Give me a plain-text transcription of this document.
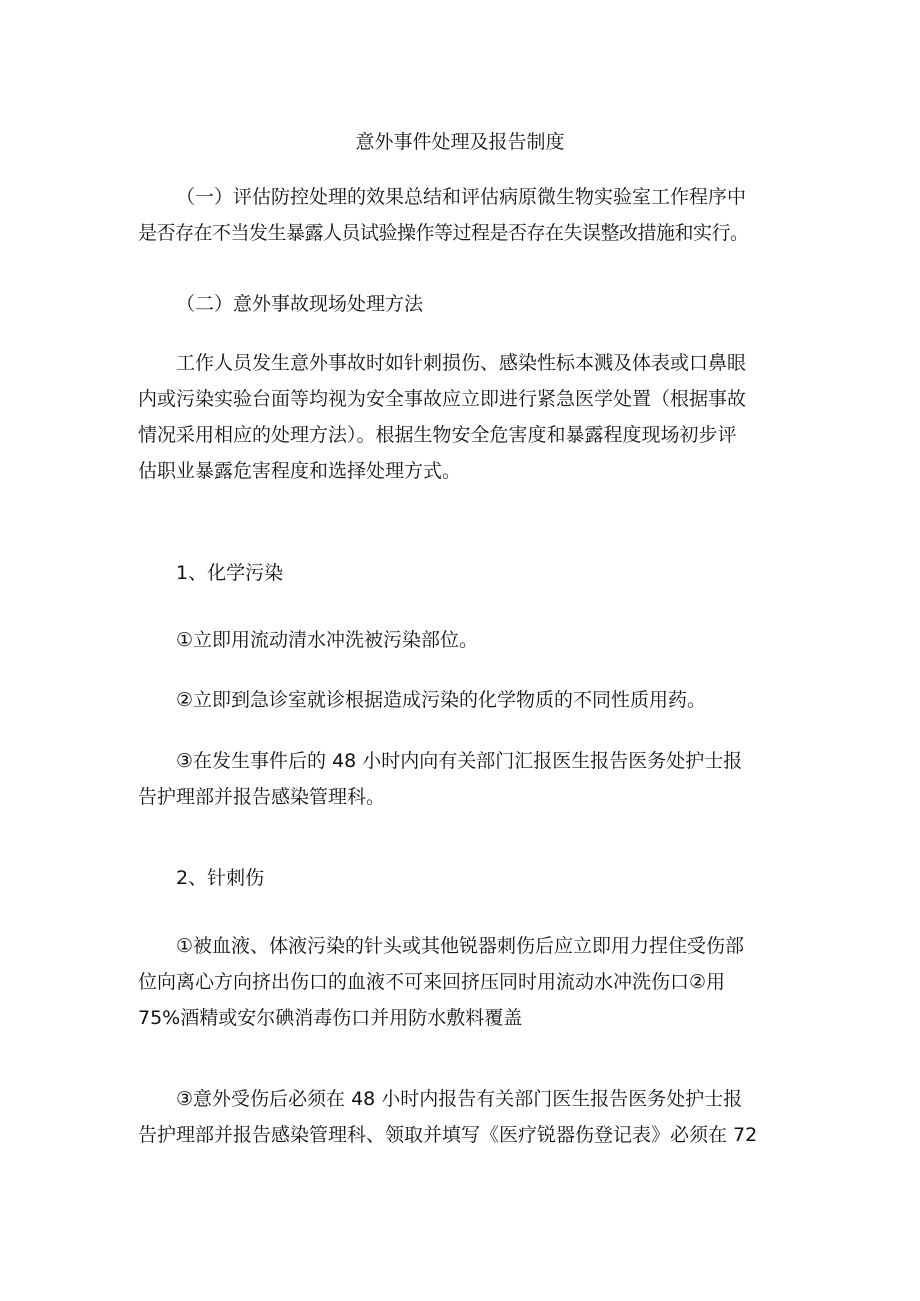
意外事件处理及报告制度
（一）评估防控处理的效果总结和评估病原微生物实验室工作程序中
是否存在不当发生暴露人员试验操作等过程是否存在失误整改措施和实行。
（二）意外事故现场处理方法
工作人员发生意外事故时如针刺损伤、感染性标本溅及体表或口鼻眼
内或污染实验台面等均视为安全事故应立即进行紧急医学处置（根据事故
情况采用相应的处理方法）。根据生物安全危害度和暴露程度现场初步评
估职业暴露危害程度和选择处理方式。
1、化学污染
①立即用流动清水冲洗被污染部位。
②立即到急诊室就诊根据造成污染的化学物质的不同性质用药。
③在发生事件后的 48 小时内向有关部门汇报医生报告医务处护士报
告护理部并报告感染管理科。
2、针刺伤
①被血液、体液污染的针头或其他锐器刺伤后应立即用力捏住受伤部
位向离心方向挤出伤口的血液不可来回挤压同时用流动水冲洗伤口②用
75%酒精或安尔碘消毒伤口并用防水敷料覆盖
③意外受伤后必须在 48 小时内报告有关部门医生报告医务处护士报
告护理部并报告感染管理科、领取并填写《医疗锐器伤登记表》必须在 72
